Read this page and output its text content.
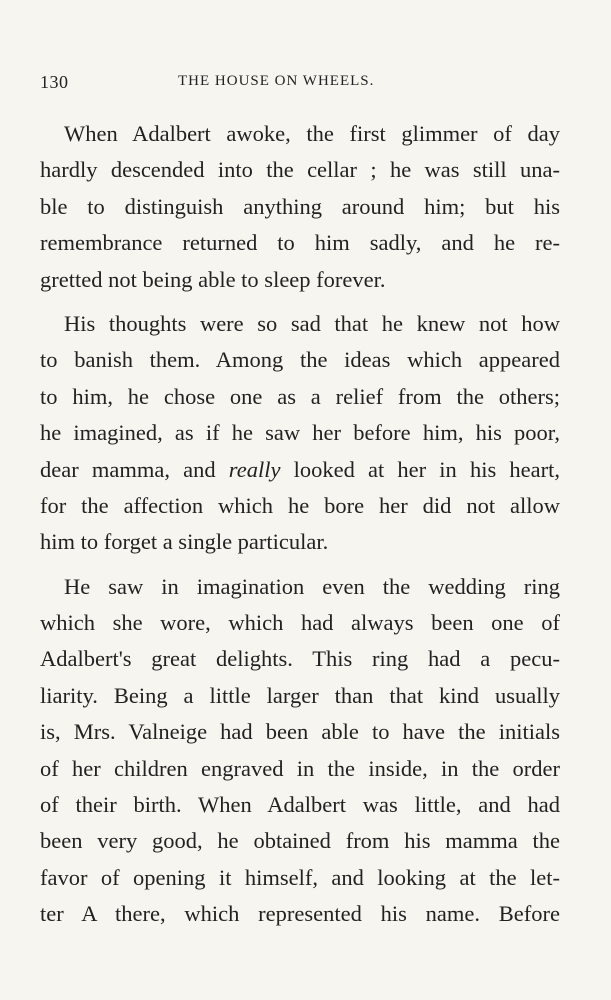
130	THE HOUSE ON WHEELS.
When Adalbert awoke, the first glimmer of day
hardly descended into the cellar ; he was still una-
ble to distinguish anything around him; but his
remembrance returned to him sadly, and he re-
gretted not being able to sleep forever.
His thoughts were so sad that he knew not how
to banish them. Among the ideas which appeared
to him, he chose one as a relief from the others;
he imagined, as if he saw her before him, his poor,
dear mamma, and really looked at her in his heart,
for the affection which he bore her did not allow
him to forget a single particular.
He saw in imagination even the wedding ring
which she wore, which had always been one of
Adalbert's great delights. This ring had a pecu-
liarity. Being a little larger than that kind usually
is, Mrs. Valneige had been able to have the initials
of her children engraved in the inside, in the order
of their birth. When Adalbert was little, and had
been very good, he obtained from his mamma the
favor of opening it himself, and looking at the let-
ter A there, which represented his name. Before
